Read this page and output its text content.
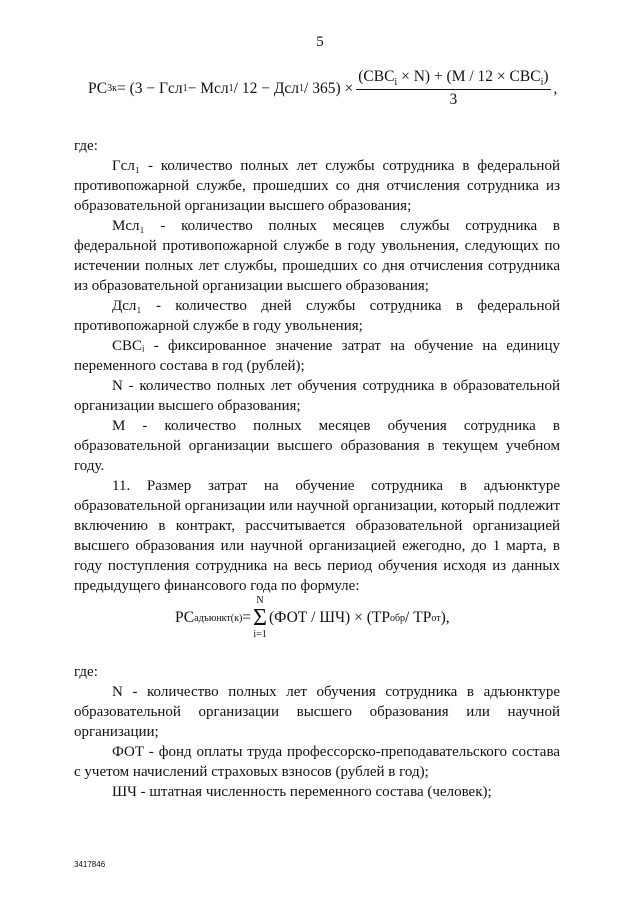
5
РС 3к = (3 − Гсл 1 − Мсл 1 / 12 − Дсл $1 / 365) \times \frac{(СВС_i \times N) + (М / 12 \times СВС_i)}{3}$ ,

где:

Гсл₁ - количество полных лет службы сотрудника в федеральной противопожарной службе, прошедших со дня отчисления сотрудника из образовательной организации высшего образования;

Мсл₁ - количество полных месяцев службы сотрудника в федеральной противопожарной службе в году увольнения, следующих по истечении полных лет службы, прошедших со дня отчисления сотрудника из образовательной организации высшего образования;

Дсл₁ - количество дней службы сотрудника в федеральной противопожарной службе в году увольнения;

СВСᵢ - фиксированное значение затрат на обучение на единицу переменного состава в год (рублей);

N - количество полных лет обучения сотрудника в образовательной организации высшего образования;

М - количество полных месяцев обучения сотрудника в образовательной организации высшего образования в текущем учебном году.

11. Размер затрат на обучение сотрудника в адъюнктуре образовательной организации или научной организации, который подлежит включению в контракт, рассчитывается образовательной организацией высшего образования или научной организацией ежегодно, до 1 марта, в году поступления сотрудника на весь период обучения исходя из данных предыдущего финансового года по формуле:

РС адъюнкт(к) =
N
Σ
i=1
(ФОТ / ШЧ) × (ТР обр / ТР от ),

где:

N - количество полных лет обучения сотрудника в адъюнктуре образовательной организации высшего образования или научной организации;

ФОТ - фонд оплаты труда профессорско-преподавательского состава с учетом начислений страховых взносов (рублей в год);

ШЧ - штатная численность переменного состава (человек);

3417846
